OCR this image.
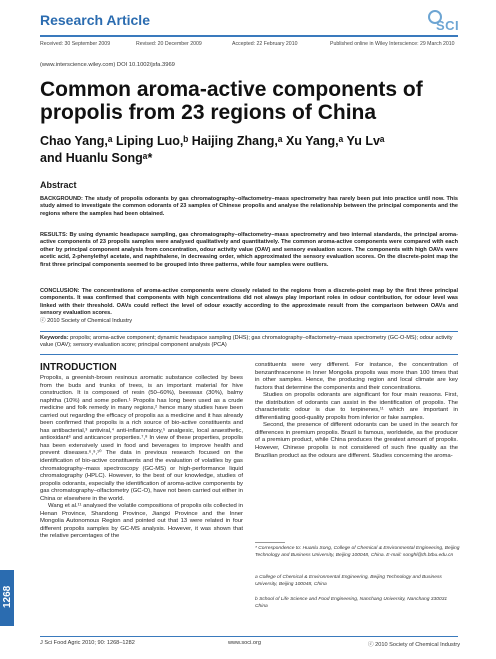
Research Article	SCI
Received: 30 September 2009	Revised: 20 December 2009	Accepted: 22 February 2010	Published online in Wiley Interscience: 29 March 2010
(www.interscience.wiley.com) DOI 10.1002/jsfa.3969
Common aroma-active components of propolis from 23 regions of China
Chao Yang,ᵃ Liping Luo,ᵇ Haijing Zhang,ᵃ Xu Yang,ᵃ Yu Lvᵃ
and Huanlu Songᵃ*
Abstract
BACKGROUND: The study of propolis odorants by gas chromatography–olfactometry–mass spectrometry has rarely been put into practice until now. This study aimed to investigate the common odorants of 23 samples of Chinese propolis and analyse the relationship between the principal components and the regions where the samples had been obtained.
RESULTS: By using dynamic headspace sampling, gas chromatography–olfactometry–mass spectrometry and two internal standards, the principal aroma-active components of 23 propolis samples were analysed qualitatively and quantitatively. The common aroma-active components were compared with each other by principal component analysis from concentration, odour activity value (OAV) and sensory evaluation score. The components with high OAVs were acetic acid, 2-phenylethyl acetate, and naphthalene, in decreasing order, which approximated the sensory evaluation scores. On the discrete-point map the first three principal components seemed to be grouped into three patterns, while four samples were outliers.
CONCLUSION: The concentrations of aroma-active components were closely related to the regions from a discrete-point map by the first three principal components. It was confirmed that components with high concentrations did not always play important roles in odour contribution, for odour level was linked with their threshold. OAVs could reflect the level of odour exactly according to the approximate result from the comparison between OAVs and sensory evaluation scores.
ⓒ 2010 Society of Chemical Industry
Keywords: propolis; aroma-active component; dynamic headspace sampling (DHS); gas chromatography–olfactometry–mass spectrometry (GC-O-MS); odour activity value (OAV); sensory evaluation score; principal component analysis (PCA)
INTRODUCTION
Propolis, a greenish-brown resinous aromatic substance collected by bees from the buds and trunks of trees, is an important material for hive construction. It is composed of resin (50–60%), beeswax (30%), balmy naphtha (10%) and some pollen.¹ Propolis has long been used as a crude medicine and folk remedy in many regions,² hence many studies have been carried out regarding the efficacy of propolis as a medicine and it has already been confirmed that propolis is a rich source of bio-active constituents and has antibacterial,³ antiviral,⁴ anti-inflammatory,⁵ analgesic, local anaesthetic, antioxidant⁶ and anticancer properties.⁷,⁸ In view of these properties, propolis has been extensively used in food and beverages to improve health and prevent diseases.⁶,⁹,¹⁰ The data in previous research focused on the identification of bio-active constituents and the evaluation of volatiles by gas chromatography–mass spectroscopy (GC-MS) or high-performance liquid chromatography (HPLC). However, to the best of our knowledge, studies of propolis odorants, especially the identification of aroma-active components by gas chromatography–olfactometry (GC-O), have not been carried out either in China or elsewhere in the world.
Wang et al.¹¹ analysed the volatile compositions of propolis oils collected in Henan Province, Shandong Province, Jiangxi Province and the Inner Mongolia Autonomous Region and pointed out that 13 were related in four different propolis samples by GC-MS analysis. However, it was shown that the relative percentages of the
constituents were very different. For instance, the concentration of benzanthracenone in Inner Mongolia propolis was more than 100 times that in other samples. Hence, the producing region and local climate are key factors that determine the components and their concentrations.
Studies on propolis odorants are significant for four main reasons. First, the distribution of odorants can assist in the identification of propolis. The characteristic odour is due to terpinenes,¹¹ which are important in differentiating good-quality propolis from inferior or fake samples.
Second, the presence of different odorants can be used in the search for differences in premium propolis. Brazil is famous, worldwide, as the producer of a premium product, while China produces the greatest amount of propolis. However, Chinese propolis is not considered of such fine quality as the Brazilian product as the odours are different. Studies concerning the aroma-
* Correspondence to: Huanlu Song, College of Chemical & Environmental Engineering, Beijing Technology and Business University, Beijing 100048, China. E-mail: songhl@th.btbu.edu.cn
a College of Chemical & Environmental Engineering, Beijing Technology and Business University, Beijing 100048, China
b School of Life Science and Food Engineering, Nanchang University, Nanchang 330031 China
1268
J Sci Food Agric 2010; 90: 1268–1282	www.soci.org	ⓒ 2010 Society of Chemical Industry
